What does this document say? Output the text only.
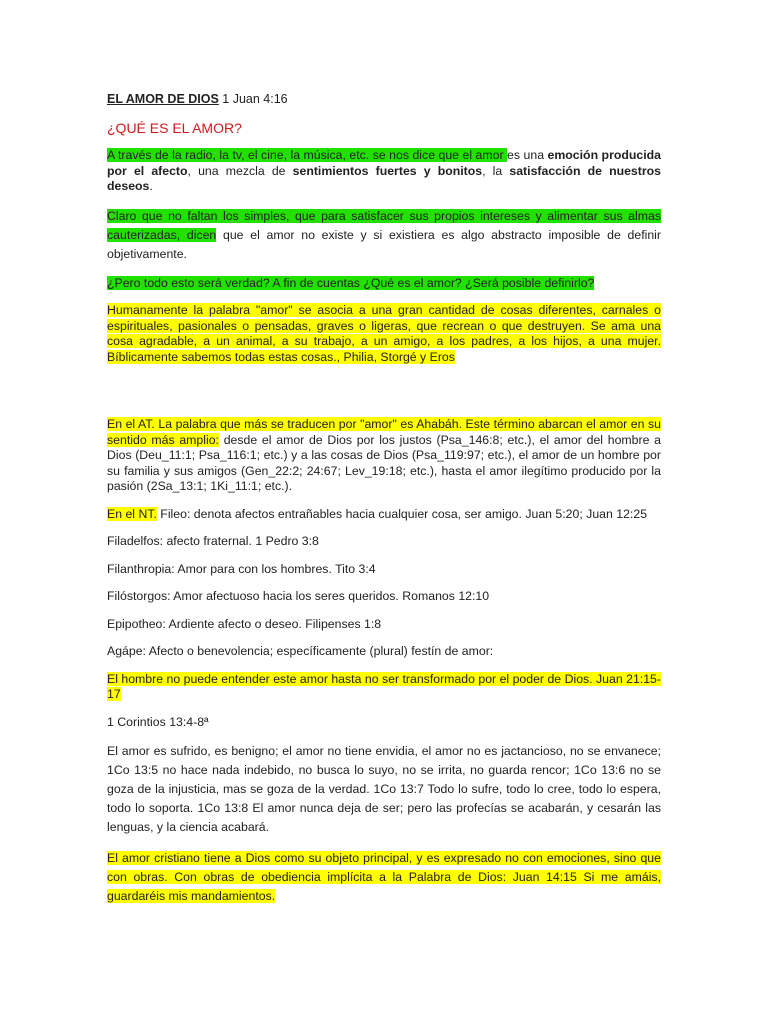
EL AMOR DE DIOS 1 Juan 4:16
¿QUÉ ES EL AMOR?

A través de la radio, la tv, el cine, la música, etc. se nos dice que el amor es una emoción producida por el afecto, una mezcla de sentimientos fuertes y bonitos, la satisfacción de nuestros deseos.

Claro que no faltan los simples, que para satisfacer sus propios intereses y alimentar sus almas cauterizadas, dicen que el amor no existe y si existiera es algo abstracto imposible de definir objetivamente.

¿Pero todo esto será verdad? A fin de cuentas ¿Qué es el amor? ¿Será posible definirlo?

Humanamente la palabra "amor" se asocia a una gran cantidad de cosas diferentes, carnales o espirituales, pasionales o pensadas, graves o ligeras, que recrean o que destruyen. Se ama una cosa agradable, a un animal, a su trabajo, a un amigo, a los padres, a los hijos, a una mujer. Bíblicamente sabemos todas estas cosas., Philia, Storgé y Eros

En el AT. La palabra que más se traducen por "amor" es Ahabáh. Este término abarcan el amor en su sentido más amplio: desde el amor de Dios por los justos (Psa_146:8; etc.), el amor del hombre a Dios (Deu_11:1; Psa_116:1; etc.) y a las cosas de Dios (Psa_119:97; etc.), el amor de un hombre por su familia y sus amigos (Gen_22:2; 24:67; Lev_19:18; etc.), hasta el amor ilegítimo producido por la pasión (2Sa_13:1; 1Ki_11:1; etc.).

En el NT. Fileo: denota afectos entrañables hacia cualquier cosa, ser amigo. Juan 5:20; Juan 12:25

Filadelfos: afecto fraternal. 1 Pedro 3:8

Filanthropia: Amor para con los hombres. Tito 3:4

Filóstorgos: Amor afectuoso hacia los seres queridos. Romanos 12:10

Epipotheo: Ardiente afecto o deseo. Filipenses 1:8

Agápe: Afecto o benevolencia; específicamente (plural) festín de amor:

El hombre no puede entender este amor hasta no ser transformado por el poder de Dios. Juan 21:15-17

1 Corintios 13:4-8ª

El amor es sufrido, es benigno; el amor no tiene envidia, el amor no es jactancioso, no se envanece; 1Co 13:5 no hace nada indebido, no busca lo suyo, no se irrita, no guarda rencor; 1Co 13:6 no se goza de la injusticia, mas se goza de la verdad. 1Co 13:7 Todo lo sufre, todo lo cree, todo lo espera, todo lo soporta. 1Co 13:8 El amor nunca deja de ser; pero las profecías se acabarán, y cesarán las lenguas, y la ciencia acabará.

El amor cristiano tiene a Dios como su objeto principal, y es expresado no con emociones, sino que con obras. Con obras de obediencia implícita a la Palabra de Dios: Juan 14:15 Si me amáis, guardaréis mis mandamientos.
